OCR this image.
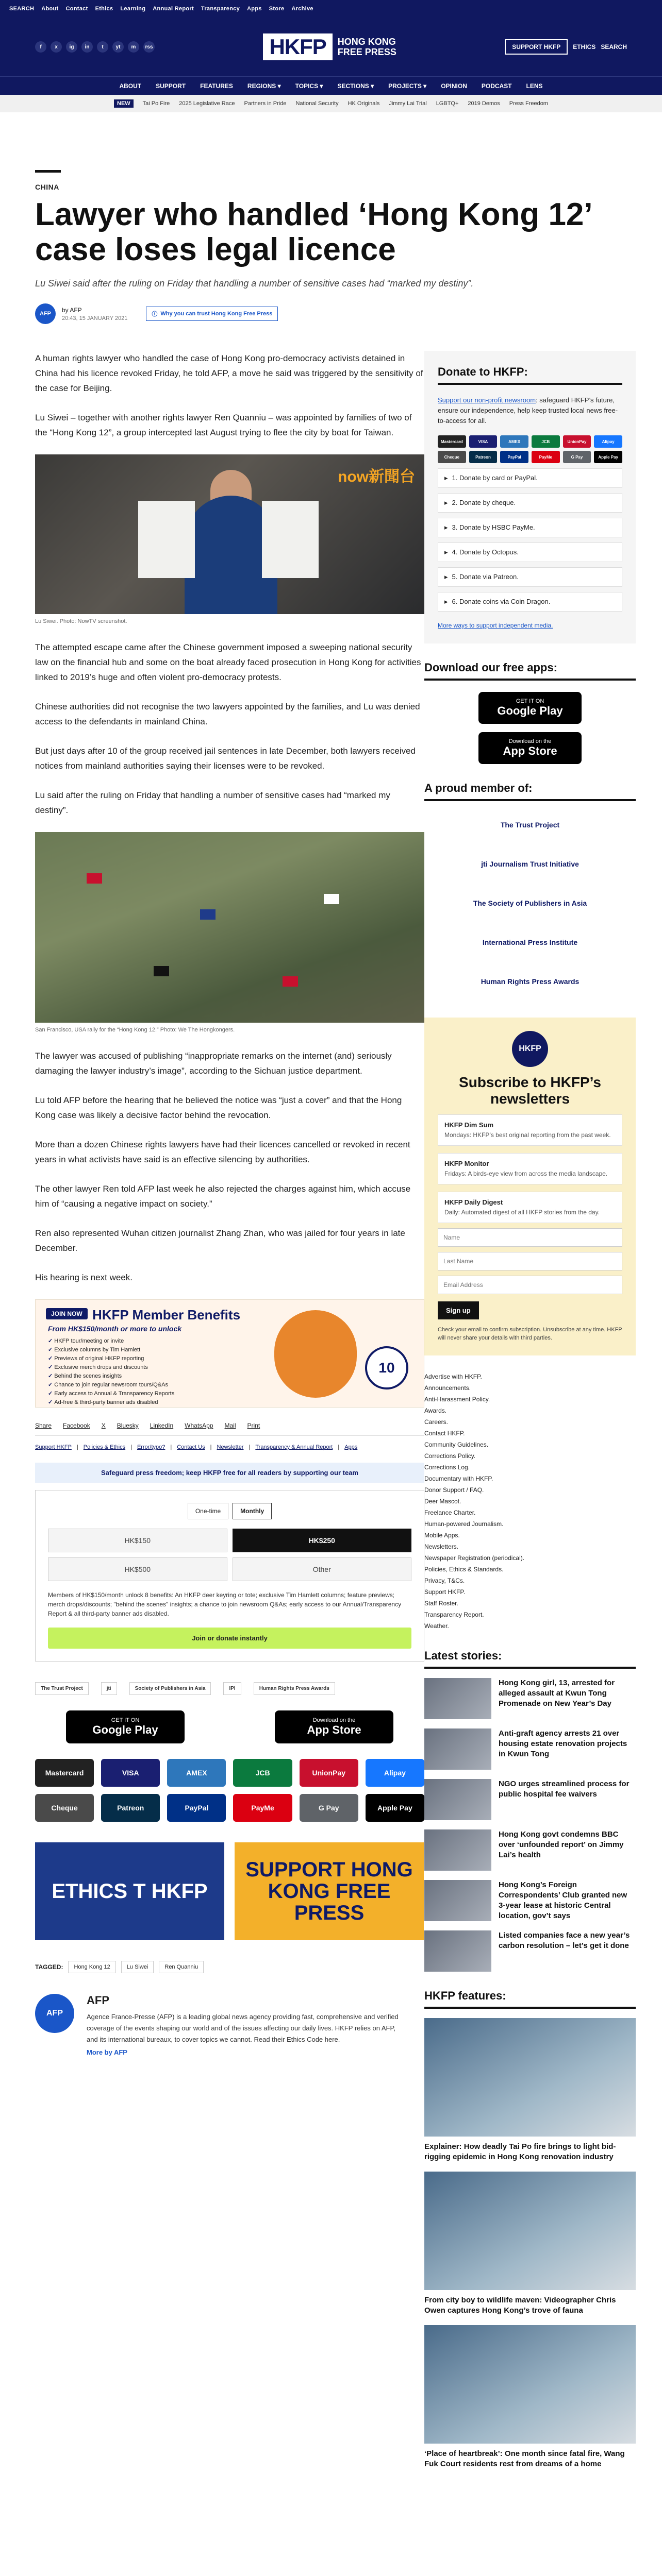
SEARCH About Contact Ethics Learning Annual Report Transparency Apps Store Archive
f	x	ig	in	t	yt	m	rss	HKFP	HONG KONG
FREE PRESS	SUPPORT HKFP	ETHICS SEARCH
ABOUT SUPPORT FEATURES REGIONS ▾ TOPICS ▾ SECTIONS ▾ PROJECTS ▾ OPINION PODCAST LENS
NEW	Tai Po Fire 2025 Legislative Race Partners in Pride National Security HK Originals Jimmy Lai Trial LGBTQ+ 2019 Demos Press Freedom
CHINA
Lawyer who handled ‘Hong Kong 12’ case loses legal licence
Lu Siwei said after the ruling on Friday that handling a number of sensitive cases had “marked my destiny”.
AFP
by AFP
20:43, 15 JANUARY 2021
ⓘ Why you can trust Hong Kong Free Press

A human rights lawyer who handled the case of Hong Kong pro-democracy activists detained in China had his licence revoked Friday, he told AFP, a move he said was triggered by the sensitivity of the case for Beijing.

Lu Siwei – together with another rights lawyer Ren Quanniu – was appointed by families of two of the “Hong Kong 12”, a group intercepted last August trying to flee the city by boat for Taiwan.

now新聞台
Lu Siwei. Photo: NowTV screenshot.

The attempted escape came after the Chinese government imposed a sweeping national security law on the financial hub and some on the boat already faced prosecution in Hong Kong for activities linked to 2019’s huge and often violent pro-democracy protests.

Chinese authorities did not recognise the two lawyers appointed by the families, and Lu was denied access to the defendants in mainland China.

But just days after 10 of the group received jail sentences in late December, both lawyers received notices from mainland authorities saying their licenses were to be revoked.

Lu said after the ruling on Friday that handling a number of sensitive cases had “marked my destiny”.

San Francisco, USA rally for the “Hong Kong 12.” Photo: We The Hongkongers.

The lawyer was accused of publishing “inappropriate remarks on the internet (and) seriously damaging the lawyer industry’s image”, according to the Sichuan justice department.

Lu told AFP before the hearing that he believed the notice was “just a cover” and that the Hong Kong case was likely a decisive factor behind the revocation.

More than a dozen Chinese rights lawyers have had their licences cancelled or revoked in recent years in what activists have said is an effective silencing by authorities.

The other lawyer Ren told AFP last week he also rejected the charges against him, which accuse him of “causing a negative impact on society.”

Ren also represented Wuhan citizen journalist Zhang Zhan, who was jailed for four years in late December.

His hearing is next week.

JOIN NOW HKFP Member Benefits
From HK$150/month or more to unlock
✓ HKFP tour/meeting or invite
✓ Exclusive columns by Tim Hamlett
✓ Previews of original HKFP reporting
✓ Exclusive merch drops and discounts
✓ Behind the scenes insights
✓ Chance to join regular newsroom tours/Q&As
✓ Early access to Annual & Transparency Reports
✓ Ad-free & third-party banner ads disabled
10
Share Facebook X Bluesky LinkedIn WhatsApp Mail Print
Support HKFP | Policies & Ethics | Error/typo? | Contact Us | Newsletter | Transparency & Annual Report | Apps
Safeguard press freedom; keep HKFP free for all readers by supporting our team
One-time	Monthly
HK$150	HK$250
HK$500	Other
Members of HK$150/month unlock 8 benefits: An HKFP deer keyring or tote; exclusive Tim Hamlett columns; feature previews; merch drops/discounts; "behind the scenes" insights; a chance to join newsroom Q&As; early access to our Annual/Transparency Report & all third-party banner ads disabled.
Join or donate instantly
The Trust Project	jti	Society of Publishers in Asia	IPI	Human Rights Press Awards
GET IT ON
Google Play
Download on the
App Store
Mastercard	VISA	AMEX	JCB	UnionPay	Alipay
Cheque	Patreon	PayPal	PayMe	G Pay	Apple Pay
ETHICS T HKFP
SUPPORT HONG KONG FREE PRESS
TAGGED:	Hong Kong 12	Lu Siwei	Ren Quanniu
AFP
AFP
Agence France-Presse (AFP) is a leading global news agency providing fast, comprehensive and verified coverage of the events shaping our world and of the issues affecting our daily lives. HKFP relies on AFP, and its international bureaux, to cover topics we cannot. Read their Ethics Code here.
More by AFP
Donate to HKFP:
Support our non-profit newsroom: safeguard HKFP’s future, ensure our independence, help keep trusted local news free-to-access for all.
Mastercard	VISA	AMEX	JCB	UnionPay	Alipay
Cheque	Patreon	PayPal	PayMe	G Pay	Apple Pay
▸ 1. Donate by card or PayPal.
▸ 2. Donate by cheque.
▸ 3. Donate by HSBC PayMe.
▸ 4. Donate by Octopus.
▸ 5. Donate via Patreon.
▸ 6. Donate coins via Coin Dragon.
More ways to support independent media.
Download our free apps:
GET IT ON
Google Play
Download on the
App Store
A proud member of:
The Trust Project
jti Journalism Trust Initiative
The Society of Publishers in Asia
International Press Institute
Human Rights Press Awards
HKFP
Subscribe to HKFP’s newsletters
HKFP Dim Sum
Mondays: HKFP’s best original reporting from the past week.
HKFP Monitor
Fridays: A birds-eye view from across the media landscape.
HKFP Daily Digest
Daily: Automated digest of all HKFP stories from the day.
Name
Last Name
Email Address
Sign up
Check your email to confirm subscription. Unsubscribe at any time. HKFP will never share your details with third parties.
Advertise with HKFP.
Announcements.
Anti-Harassment Policy.
Awards.
Careers.
Contact HKFP.
Community Guidelines.
Corrections Policy.
Corrections Log.
Documentary with HKFP.
Donor Support / FAQ.
Deer Mascot.
Freelance Charter.
Human-powered Journalism.
Mobile Apps.
Newsletters.
Newspaper Registration (periodical).
Policies, Ethics & Standards.
Privacy, T&Cs.
Support HKFP.
Staff Roster.
Transparency Report.
Weather.
Latest stories:
Hong Kong girl, 13, arrested for alleged assault at Kwun Tong Promenade on New Year’s Day
Anti-graft agency arrests 21 over housing estate renovation projects in Kwun Tong
NGO urges streamlined process for public hospital fee waivers
Hong Kong govt condemns BBC over ‘unfounded report’ on Jimmy Lai’s health
Hong Kong’s Foreign Correspondents’ Club granted new 3-year lease at historic Central location, gov’t says
Listed companies face a new year’s carbon resolution – let’s get it done
HKFP features:
Explainer: How deadly Tai Po fire brings to light bid-rigging epidemic in Hong Kong renovation industry
From city boy to wildlife maven: Videographer Chris Owen captures Hong Kong’s trove of fauna
‘Place of heartbreak’: One month since fatal fire, Wang Fuk Court residents rest from dreams of a home
